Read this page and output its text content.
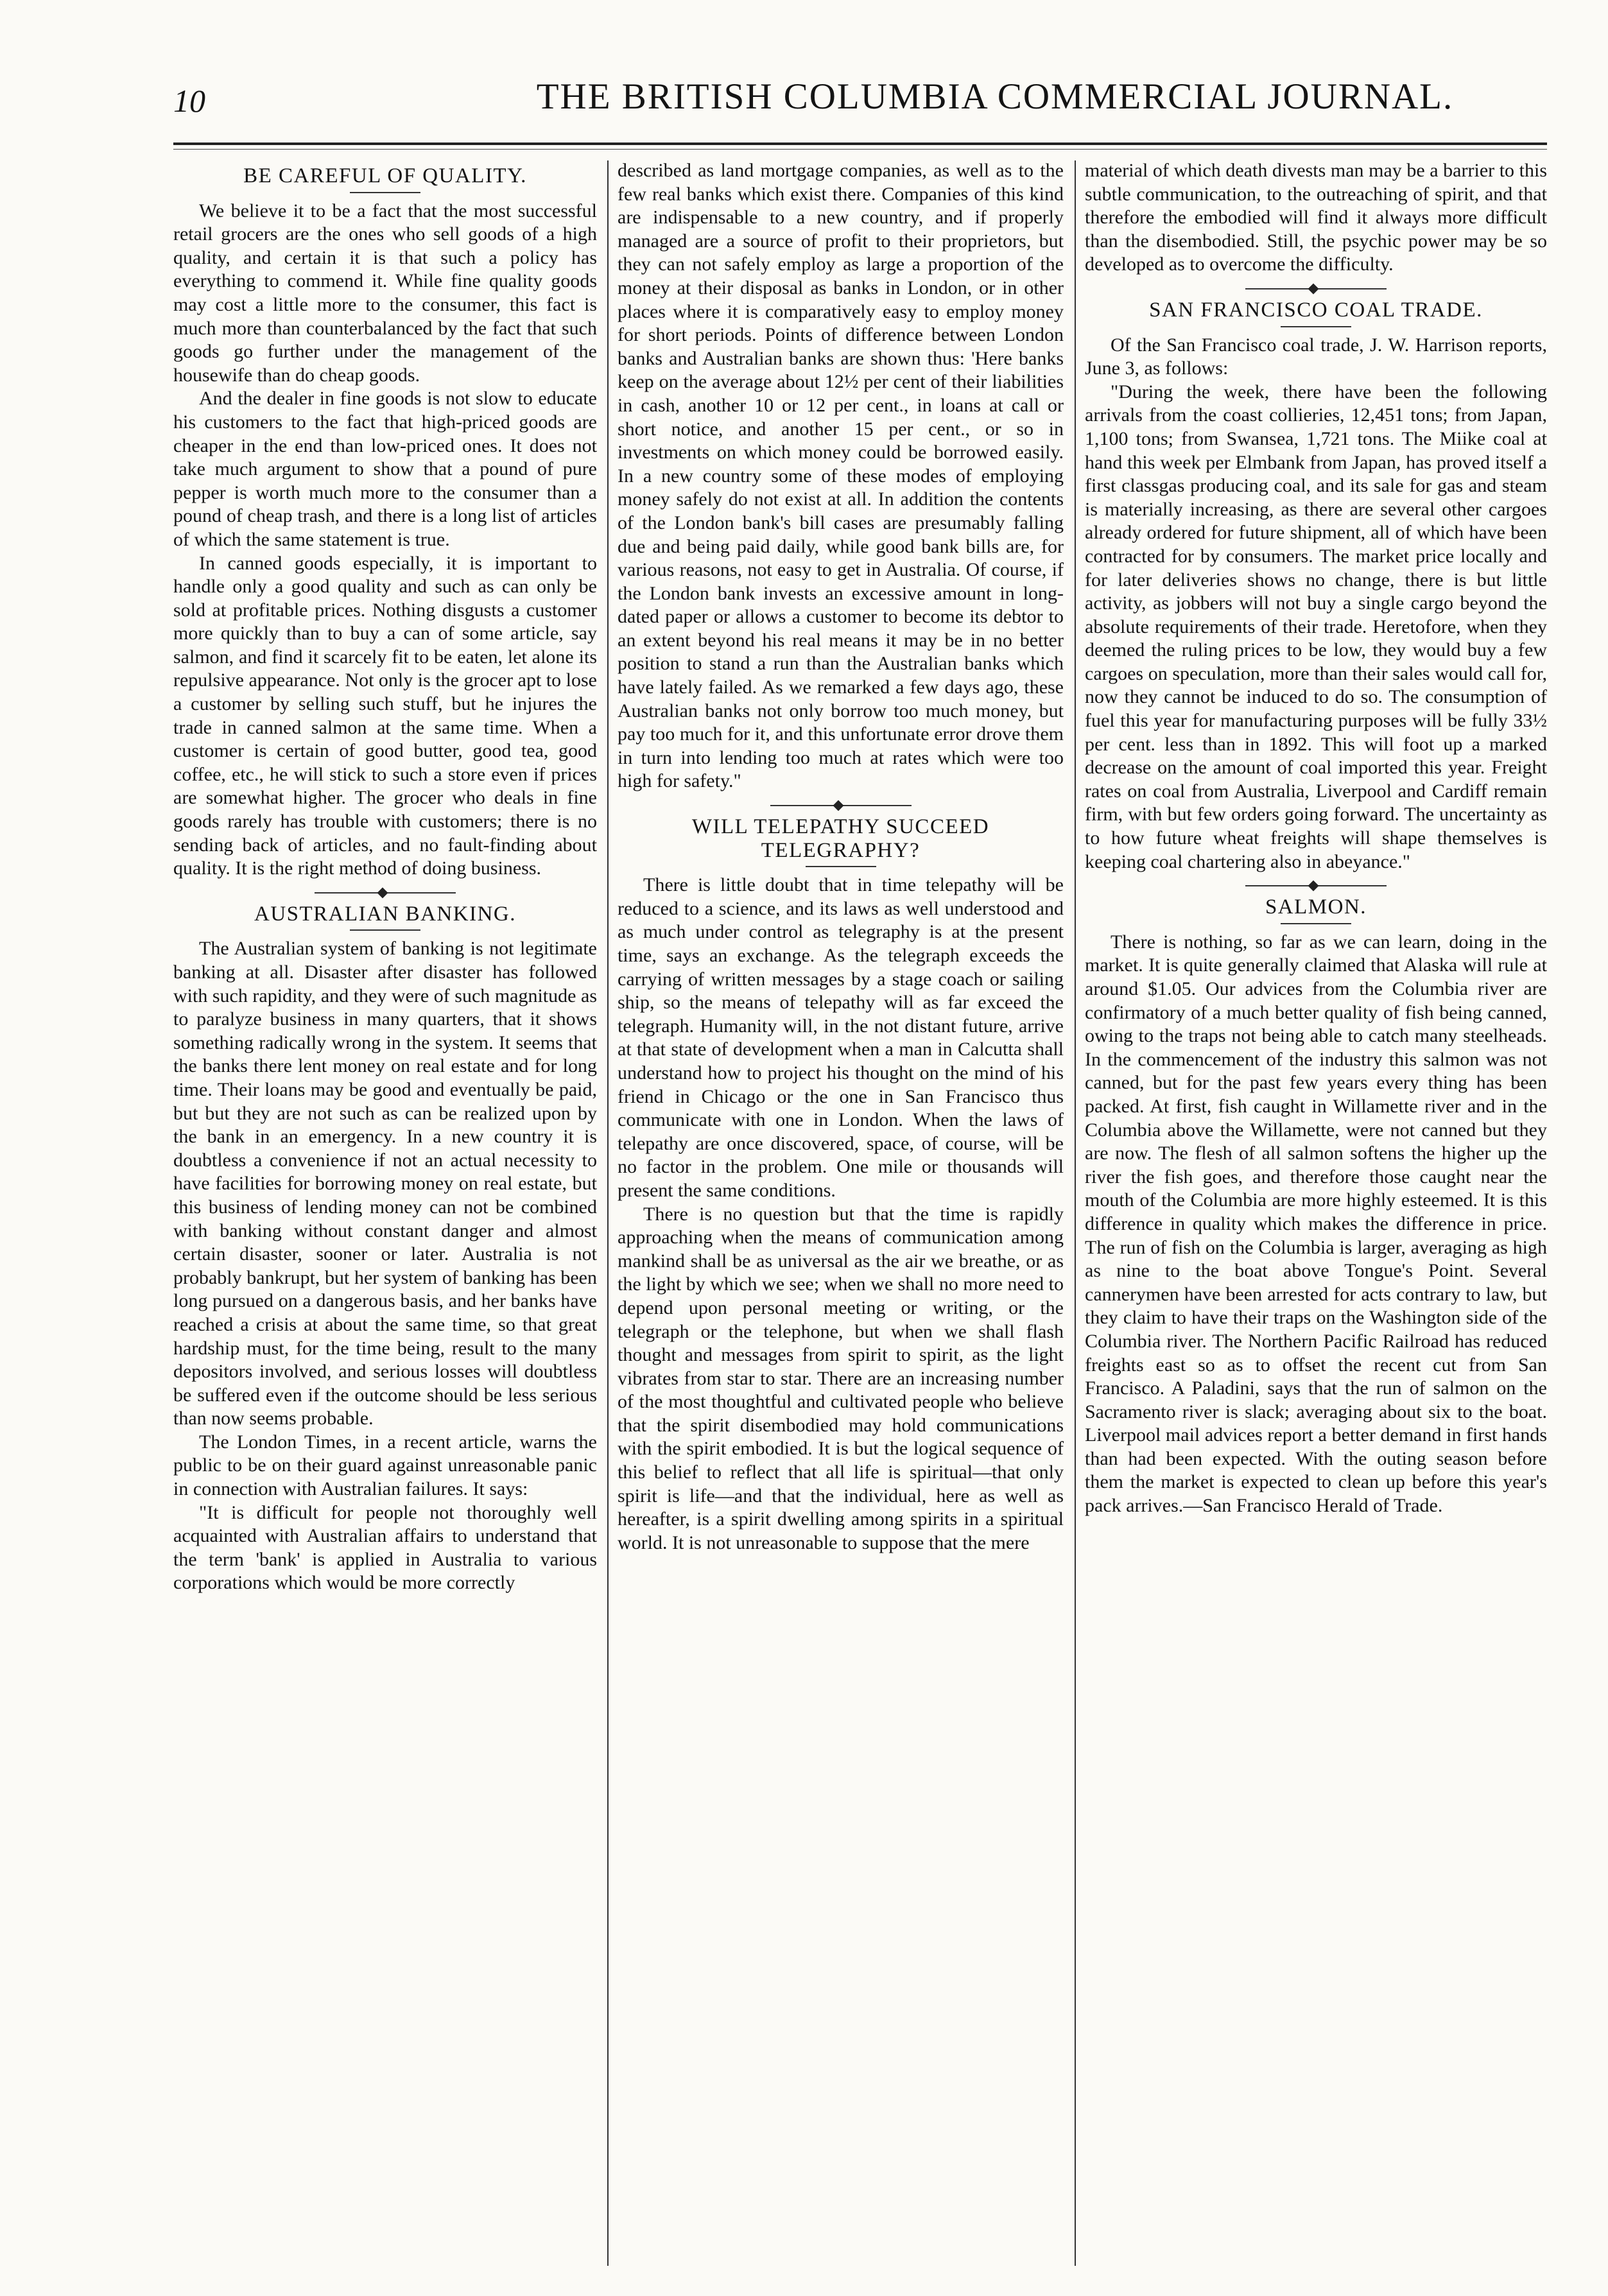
10	THE BRITISH COLUMBIA COMMERCIAL JOURNAL.
BE CAREFUL OF QUALITY.

We believe it to be a fact that the most successful retail grocers are the ones who sell goods of a high quality, and certain it is that such a policy has everything to commend it. While fine quality goods may cost a little more to the consumer, this fact is much more than counterbalanced by the fact that such goods go further under the management of the housewife than do cheap goods.

And the dealer in fine goods is not slow to educate his customers to the fact that high-priced goods are cheaper in the end than low-priced ones. It does not take much argument to show that a pound of pure pepper is worth much more to the consumer than a pound of cheap trash, and there is a long list of articles of which the same statement is true.

In canned goods especially, it is important to handle only a good quality and such as can only be sold at profitable prices. Nothing disgusts a customer more quickly than to buy a can of some article, say salmon, and find it scarcely fit to be eaten, let alone its repulsive appearance. Not only is the grocer apt to lose a customer by selling such stuff, but he injures the trade in canned salmon at the same time. When a customer is certain of good butter, good tea, good coffee, etc., he will stick to such a store even if prices are somewhat higher. The grocer who deals in fine goods rarely has trouble with customers; there is no sending back of articles, and no fault-finding about quality. It is the right method of doing business.

AUSTRALIAN BANKING.

The Australian system of banking is not legitimate banking at all. Disaster after disaster has followed with such rapidity, and they were of such magnitude as to paralyze business in many quarters, that it shows something radically wrong in the system. It seems that the banks there lent money on real estate and for long time. Their loans may be good and eventually be paid, but but they are not such as can be realized upon by the bank in an emergency. In a new country it is doubtless a convenience if not an actual necessity to have facilities for borrowing money on real estate, but this business of lending money can not be combined with banking without constant danger and almost certain disaster, sooner or later. Australia is not probably bankrupt, but her system of banking has been long pursued on a dangerous basis, and her banks have reached a crisis at about the same time, so that great hardship must, for the time being, result to the many depositors involved, and serious losses will doubtless be suffered even if the outcome should be less serious than now seems probable.

The London Times, in a recent article, warns the public to be on their guard against unreasonable panic in connection with Australian failures. It says:

"It is difficult for people not thoroughly well acquainted with Australian affairs to understand that the term 'bank' is applied in Australia to various corporations which would be more correctly

described as land mortgage companies, as well as to the few real banks which exist there. Companies of this kind are indispensable to a new country, and if properly managed are a source of profit to their proprietors, but they can not safely employ as large a proportion of the money at their disposal as banks in London, or in other places where it is comparatively easy to employ money for short periods. Points of difference between London banks and Australian banks are shown thus: 'Here banks keep on the average about 12½ per cent of their liabilities in cash, another 10 or 12 per cent., in loans at call or short notice, and another 15 per cent., or so in investments on which money could be borrowed easily. In a new country some of these modes of employing money safely do not exist at all. In addition the contents of the London bank's bill cases are presumably falling due and being paid daily, while good bank bills are, for various reasons, not easy to get in Australia. Of course, if the London bank invests an excessive amount in long-dated paper or allows a customer to become its debtor to an extent beyond his real means it may be in no better position to stand a run than the Australian banks which have lately failed. As we remarked a few days ago, these Australian banks not only borrow too much money, but pay too much for it, and this unfortunate error drove them in turn into lending too much at rates which were too high for safety."

WILL TELEPATHY SUCCEED TELEGRAPHY?

There is little doubt that in time telepathy will be reduced to a science, and its laws as well understood and as much under control as telegraphy is at the present time, says an exchange. As the telegraph exceeds the carrying of written messages by a stage coach or sailing ship, so the means of telepathy will as far exceed the telegraph. Humanity will, in the not distant future, arrive at that state of development when a man in Calcutta shall understand how to project his thought on the mind of his friend in Chicago or the one in San Francisco thus communicate with one in London. When the laws of telepathy are once discovered, space, of course, will be no factor in the problem. One mile or thousands will present the same conditions.

There is no question but that the time is rapidly approaching when the means of communication among mankind shall be as universal as the air we breathe, or as the light by which we see; when we shall no more need to depend upon personal meeting or writing, or the telegraph or the telephone, but when we shall flash thought and messages from spirit to spirit, as the light vibrates from star to star. There are an increasing number of the most thoughtful and cultivated people who believe that the spirit disembodied may hold communications with the spirit embodied. It is but the logical sequence of this belief to reflect that all life is spiritual—that only spirit is life—and that the individual, here as well as hereafter, is a spirit dwelling among spirits in a spiritual world. It is not unreasonable to suppose that the mere

material of which death divests man may be a barrier to this subtle communication, to the outreaching of spirit, and that therefore the embodied will find it always more difficult than the disembodied. Still, the psychic power may be so developed as to overcome the difficulty.

SAN FRANCISCO COAL TRADE.

Of the San Francisco coal trade, J. W. Harrison reports, June 3, as follows:

"During the week, there have been the following arrivals from the coast collieries, 12,451 tons; from Japan, 1,100 tons; from Swansea, 1,721 tons. The Miike coal at hand this week per Elmbank from Japan, has proved itself a first classgas producing coal, and its sale for gas and steam is materially increasing, as there are several other cargoes already ordered for future shipment, all of which have been contracted for by consumers. The market price locally and for later deliveries shows no change, there is but little activity, as jobbers will not buy a single cargo beyond the absolute requirements of their trade. Heretofore, when they deemed the ruling prices to be low, they would buy a few cargoes on speculation, more than their sales would call for, now they cannot be induced to do so. The consumption of fuel this year for manufacturing purposes will be fully 33½ per cent. less than in 1892. This will foot up a marked decrease on the amount of coal imported this year. Freight rates on coal from Australia, Liverpool and Cardiff remain firm, with but few orders going forward. The uncertainty as to how future wheat freights will shape themselves is keeping coal chartering also in abeyance."

SALMON.

There is nothing, so far as we can learn, doing in the market. It is quite generally claimed that Alaska will rule at around $1.05. Our advices from the Columbia river are confirmatory of a much better quality of fish being canned, owing to the traps not being able to catch many steelheads. In the commencement of the industry this salmon was not canned, but for the past few years every thing has been packed. At first, fish caught in Willamette river and in the Columbia above the Willamette, were not canned but they are now. The flesh of all salmon softens the higher up the river the fish goes, and therefore those caught near the mouth of the Columbia are more highly esteemed. It is this difference in quality which makes the difference in price. The run of fish on the Columbia is larger, averaging as high as nine to the boat above Tongue's Point. Several cannerymen have been arrested for acts contrary to law, but they claim to have their traps on the Washington side of the Columbia river. The Northern Pacific Railroad has reduced freights east so as to offset the recent cut from San Francisco. A Paladini, says that the run of salmon on the Sacramento river is slack; averaging about six to the boat. Liverpool mail advices report a better demand in first hands than had been expected. With the outing season before them the market is expected to clean up before this year's pack arrives.—San Francisco Herald of Trade.
